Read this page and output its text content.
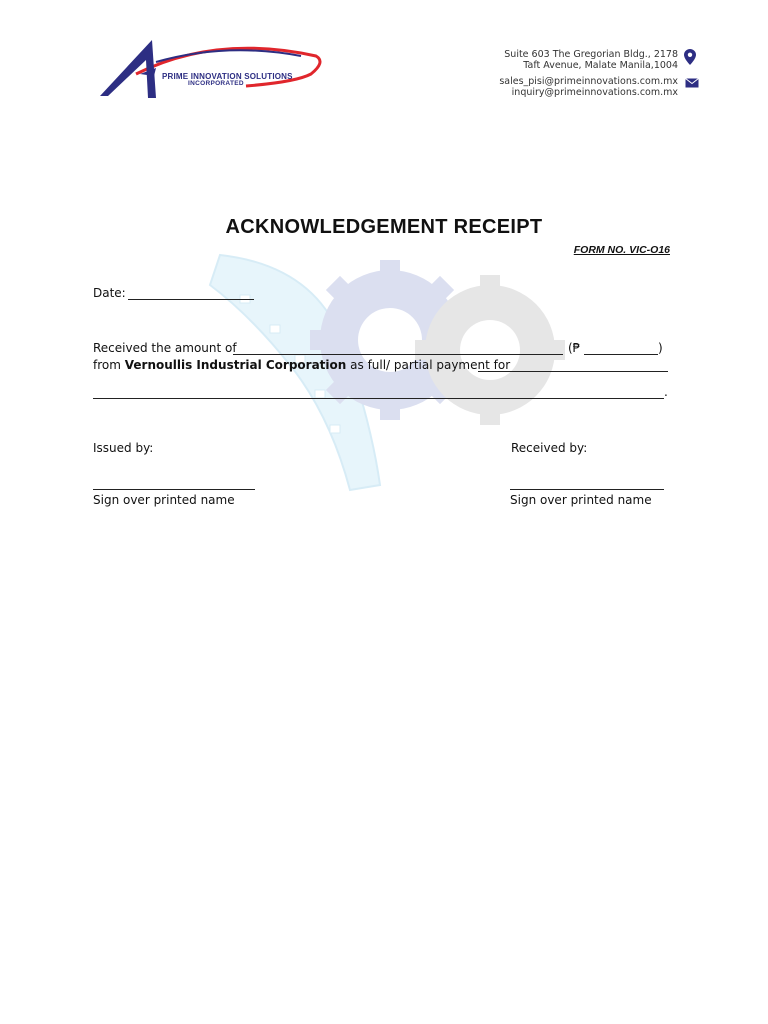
PRIME INNOVATION SOLUTIONS
INCORPORATED
Suite 603 The Gregorian Bldg., 2178
Taft Avenue, Malate Manila,1004
sales_pisi@primeinnovations.com.mx
inquiry@primeinnovations.com.mx
ACKNOWLEDGEMENT RECEIPT
FORM NO. VIC-O16
Date:
Received the amount of	(₱	)
from Vernoullis Industrial Corporation as full/ partial payment for
.
Issued by:	Received by:
Sign over printed name	Sign over printed name
